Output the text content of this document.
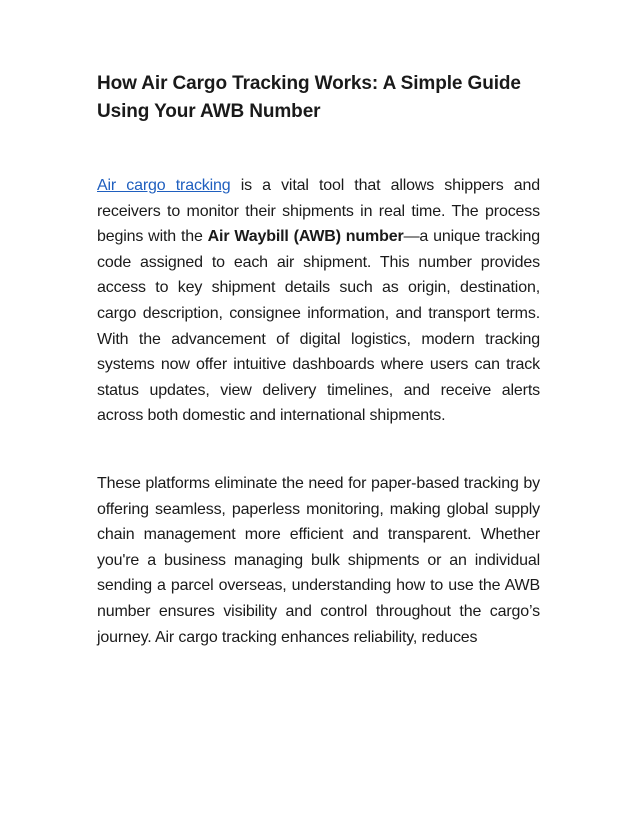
How Air Cargo Tracking Works: A Simple Guide Using Your AWB Number

Air cargo tracking is a vital tool that allows shippers and receivers to monitor their shipments in real time. The process begins with the Air Waybill (AWB) number—a unique tracking code assigned to each air shipment. This number provides access to key shipment details such as origin, destination, cargo description, consignee information, and transport terms. With the advancement of digital logistics, modern tracking systems now offer intuitive dashboards where users can track status updates, view delivery timelines, and receive alerts across both domestic and international shipments.

These platforms eliminate the need for paper-based tracking by offering seamless, paperless monitoring, making global supply chain management more efficient and transparent. Whether you're a business managing bulk shipments or an individual sending a parcel overseas, understanding how to use the AWB number ensures visibility and control throughout the cargo’s journey. Air cargo tracking enhances reliability, reduces
